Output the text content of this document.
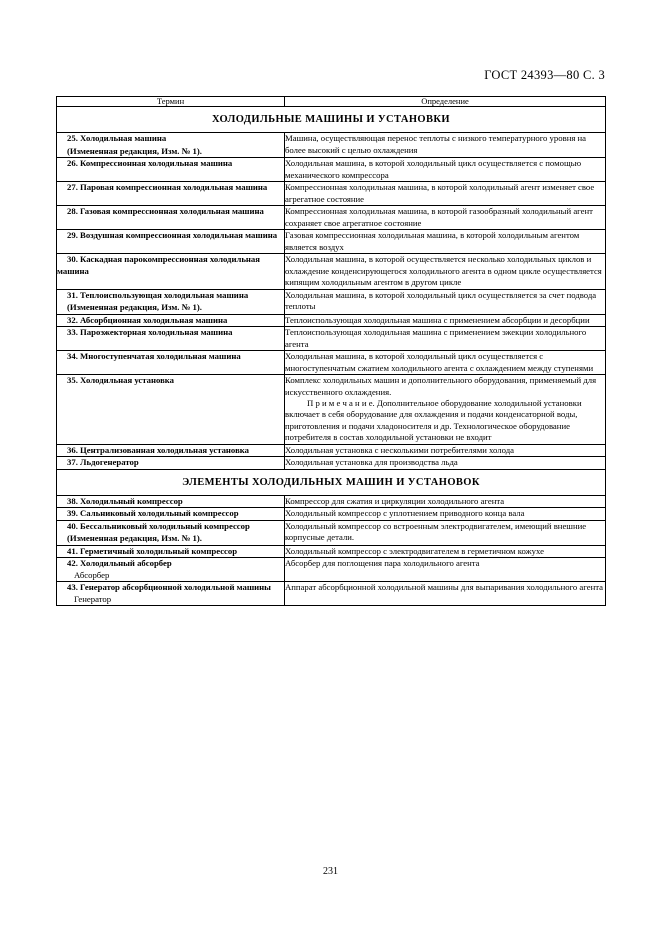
ГОСТ 24393—80 С. 3
Термин	Определение
ХОЛОДИЛЬНЫЕ МАШИНЫ И УСТАНОВКИ	
25. Холодильная машина
(Измененная редакция, Изм. № 1).	Машина, осуществляющая перенос теплоты с низкого температурного уровня на более высокий с целью охлаждения
26. Компрессионная холодильная машина	Холодильная машина, в которой холодильный цикл осуществляется с помощью механического компрессора
27. Паровая компрессионная холодильная машина	Компрессионная холодильная машина, в которой холодильный агент изменяет свое агрегатное состояние
28. Газовая компрессионная холодильная машина	Компрессионная холодильная машина, в которой газообразный холодильный агент сохраняет свое агрегатное состояние
29. Воздушная компрессионная холодильная машина	Газовая компрессионная холодильная машина, в которой холодильным агентом является воздух
30. Каскадная парокомпрессионная холодильная машина	Холодильная машина, в которой осуществляется несколько холодильных циклов и охлаждение конденсирующегося холодильного агента в одном цикле осуществляется кипящим холодильным агентом в другом цикле
31. Теплоиспользующая холодильная машина
(Измененная редакция, Изм. № 1).	Холодильная машина, в которой холодильный цикл осуществляется за счет подвода теплоты
32. Абсорбционная холодильная машина	Теплоиспользующая холодильная машина с применением абсорбции и десорбции
33. Пароэжекторная холодильная машина	Теплоиспользующая холодильная машина с применением эжекции холодильного агента
34. Многоступенчатая холодильная машина	Холодильная машина, в которой холодильный цикл осуществляется с многоступенчатым сжатием холодильного агента с охлаждением между ступенями
35. Холодильная установка	Комплекс холодильных машин и дополнительного оборудования, применяемый для искусственного охлаждения.
П р и м е ч а н и е. Дополнительное оборудование холодильной установки включает в себя оборудование для охлаждения и подачи конденсаторной воды, приготовления и подачи хладоносителя и др. Технологическое оборудование потребителя в состав холодильной установки не входит

36. Централизованная холодильная установка	Холодильная установка с несколькими потребителями холода
37. Льдогенератор	Холодильная установка для производства льда
ЭЛЕМЕНТЫ ХОЛОДИЛЬНЫХ МАШИН И УСТАНОВОК	
38. Холодильный компрессор	Компрессор для сжатия и циркуляции холодильного агента
39. Сальниковый холодильный компрессор	Холодильный компрессор с уплотнением приводного конца вала
40. Бессальниковый холодильный компрессор
(Измененная редакция, Изм. № 1).	Холодильный компрессор со встроенным электродвигателем, имеющий внешние корпусные детали.
41. Герметичный холодильный компрессор	Холодильный компрессор с электродвигателем в герметичном кожухе
42. Холодильный абсорбер
Абсорбер	Абсорбер для поглощения пара холодильного агента
43. Генератор абсорбционной холодильной машины
Генератор	Аппарат абсорбционной холодильной машины для выпаривания холодильного агента
231
